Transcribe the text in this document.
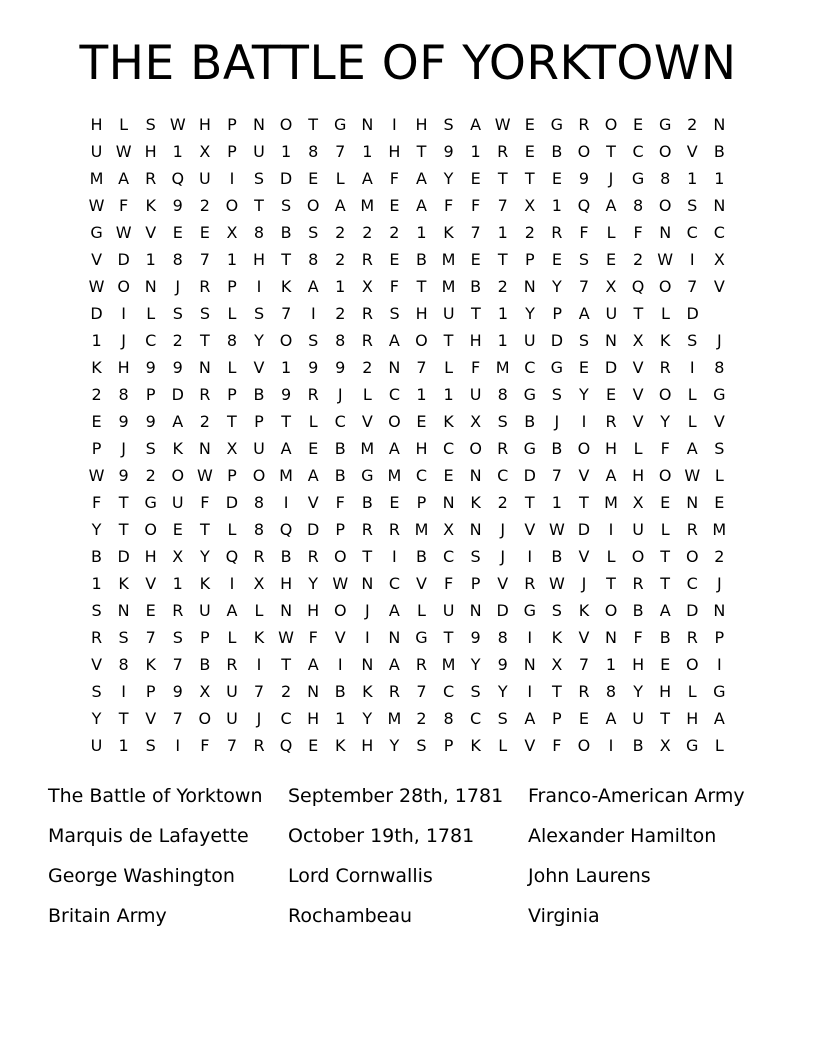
THE BATTLE OF YORKTOWN
H	L	S W H	P	N O T G N	I	H S	A W E G R O E G 2	N
U W H 1	X	P	U	1	8	7	1 H	T	9	1	R	E	B O T	C O V	B
M A	R Q U	I	S D E	L	A	F	A	Y	E	T	T	E	9	J	G 8	1	1
W F	K	9	2 O T	S O A M E	A	F	F	7	X	1 Q A	8 O S	N
G W V	E	E	X	8	B	S	2	2	2	1	K	7	1	2	R	F	L	F	N C C
V D 1	8	7	1 H	T	8	2	R	E	B M E	T	P	E	S	E	2 W	I	X
W O N	J	R	P	I	K	A	1	X	F	T M B	2	N	Y	7	X Q O 7	V
D	I	L	S	S	L	S	7	I	2	R	S	H U	T	1	Y	P	A U	T	L	D
1	J	C	2	T	8	Y O S	8	R	A O T	H 1	U D S	N X	K	S	J
K H 9	9	N	L	V	1	9	9	2	N	7	L	F M C G E D V	R	I	8
2	8	P	D R	P	B	9	R	J	L	C	1	1	U	8 G S	Y	E	V O	L	G
E	9	9	A	2	T	P	T	L	C	V O E	K	X	S	B	J	I	R	V	Y	L	V
P	J	S	K N X U A	E	B M A H C O R G B O H	L	F	A	S
W 9	2 O W P O M A	B G M C	E	N C D 7	V	A H O W L
F	T G U	F	D 8	I	V	F	B	E	P	N K	2	T	1	T M X	E	N	E
Y	T O E	T	L	8 Q D	P	R R M X N	J	V W D	I	U	L	R M
B D H X	Y Q R	B	R O T	I	B	C	S	J	I	B	V	L	O T O 2
1	K	V	1	K	I	X H	Y W N C	V	F	P	V	R W	J	T	R	T	C	J
S	N	E	R U A	L	N H O	J	A	L	U N D G S	K O B	A D N
R	S	7	S	P	L	K W F	V	I	N G T	9	8	I	K	V N	F	B	R	P
V	8	K	7	B	R	I	T	A	I	N A	R M Y	9	N X	7	1 H	E O	I
S	I	P	9	X U	7	2	N B	K	R	7	C	S	Y	I	T	R	8	Y	H	L	G
Y	T	V	7 O U	J	C H 1	Y M 2	8	C	S	A	P	E	A U	T	H A
U	1	S	I	F	7	R Q E	K H	Y	S	P	K	L	V	F	O	I	B	X G	L
The Battle of Yorktown	September 28th, 1781	Franco-American Army
Marquis de Lafayette	October 19th, 1781	Alexander Hamilton
George Washington	Lord Cornwallis	John Laurens
Britain Army	Rochambeau	Virginia
